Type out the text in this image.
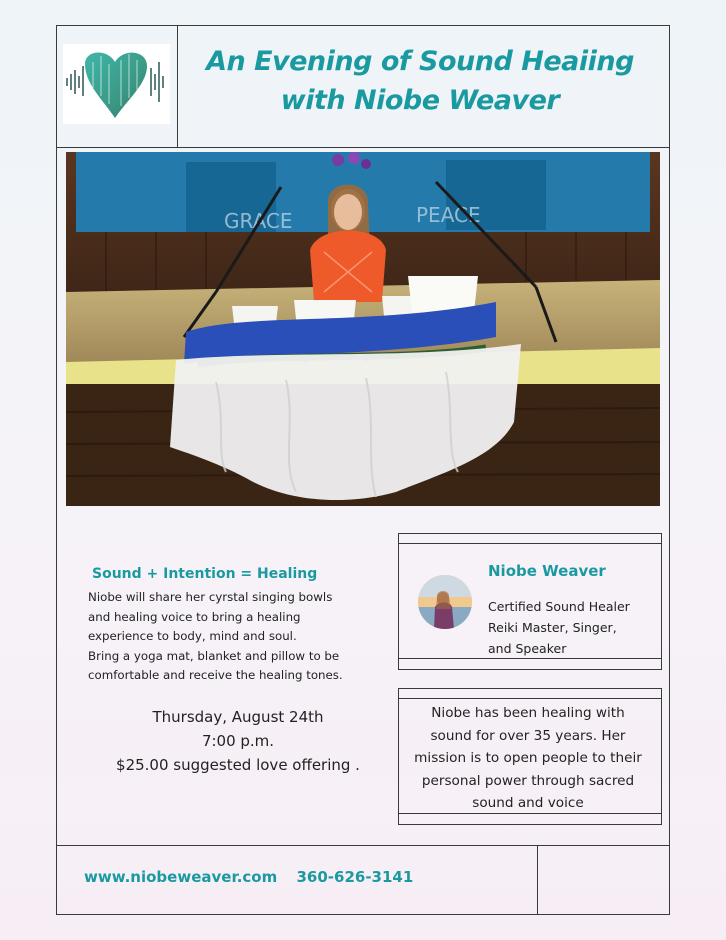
An Evening of Sound Heaiing
with Niobe Weaver
GRACE	PEACE
Sound + Intention = Healing

Niobe will share her cyrstal singing bowls

and healing voice to bring a healing

experience to body, mind and soul.

Bring a yoga mat, blanket and pillow to be

comfortable and receive the healing tones.

Thursday, August 24th
7:00 p.m.
$25.00 suggested love offering .
Niobe Weaver
Certified Sound Healer
Reiki Master, Singer,
and Speaker
Niobe has been healing with
sound for over 35 years. Her
mission is to open people to their
personal power through sacred
sound and voice
www.niobeweaver.com 360-626-3141
